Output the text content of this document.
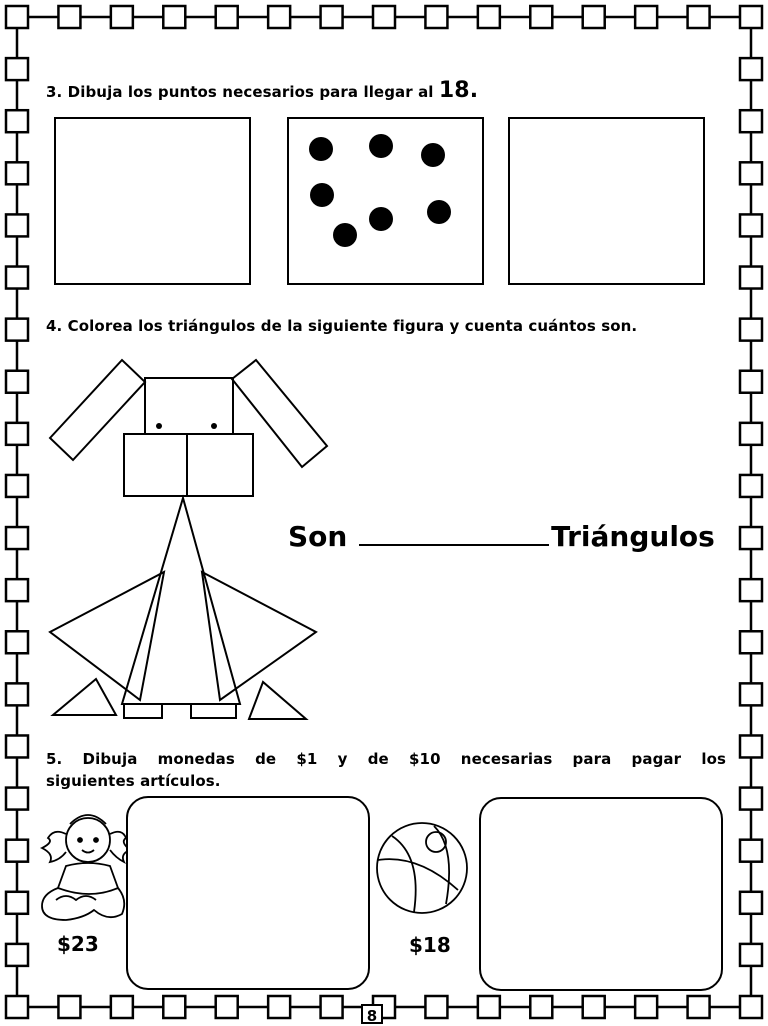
3. Dibuja los puntos necesarios para llegar al 18.
4. Colorea los triángulos de la siguiente figura y cuenta cuántos son.
Son	Triángulos
5. Dibuja monedas de $1 y de $10 necesarias para pagar los
siguientes artículos.
$23	$18
8
